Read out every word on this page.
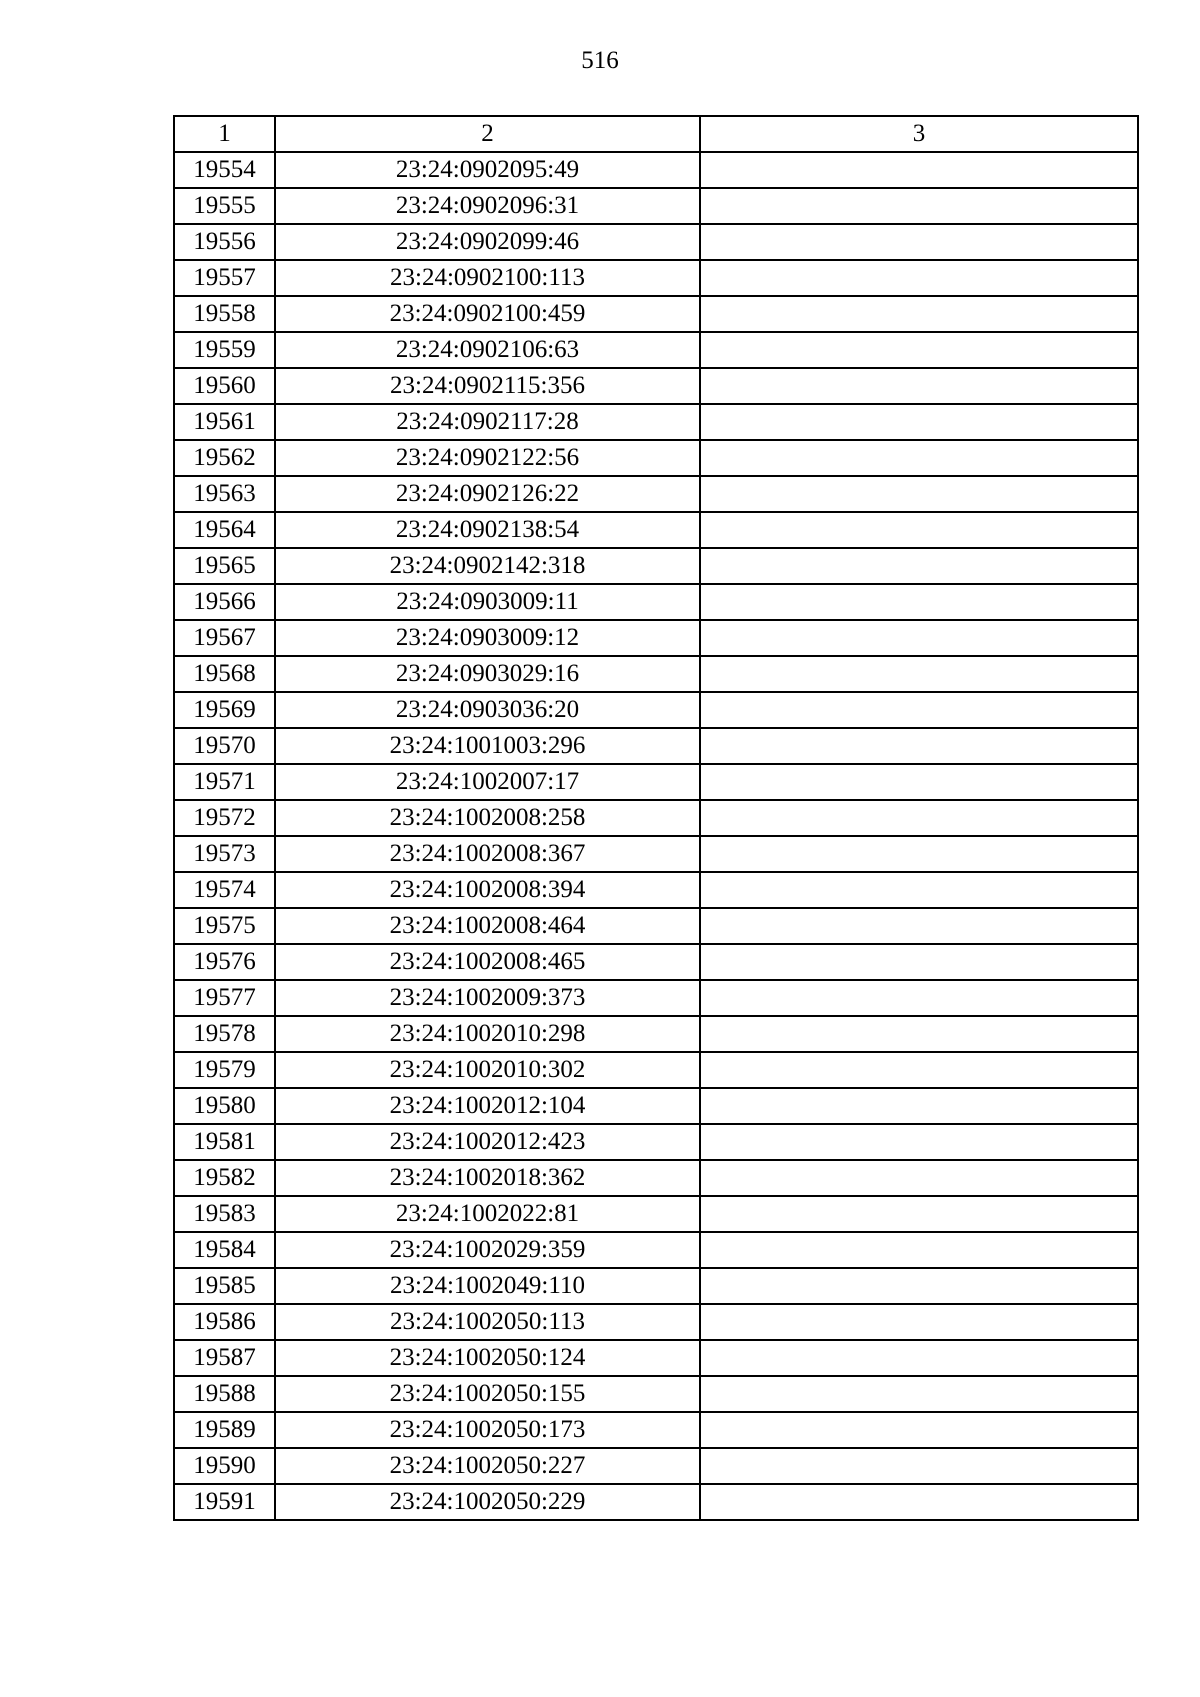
516
1	2	3
19554	23:24:0902095:49	
19555	23:24:0902096:31	
19556	23:24:0902099:46	
19557	23:24:0902100:113	
19558	23:24:0902100:459	
19559	23:24:0902106:63	
19560	23:24:0902115:356	
19561	23:24:0902117:28	
19562	23:24:0902122:56	
19563	23:24:0902126:22	
19564	23:24:0902138:54	
19565	23:24:0902142:318	
19566	23:24:0903009:11	
19567	23:24:0903009:12	
19568	23:24:0903029:16	
19569	23:24:0903036:20	
19570	23:24:1001003:296	
19571	23:24:1002007:17	
19572	23:24:1002008:258	
19573	23:24:1002008:367	
19574	23:24:1002008:394	
19575	23:24:1002008:464	
19576	23:24:1002008:465	
19577	23:24:1002009:373	
19578	23:24:1002010:298	
19579	23:24:1002010:302	
19580	23:24:1002012:104	
19581	23:24:1002012:423	
19582	23:24:1002018:362	
19583	23:24:1002022:81	
19584	23:24:1002029:359	
19585	23:24:1002049:110	
19586	23:24:1002050:113	
19587	23:24:1002050:124	
19588	23:24:1002050:155	
19589	23:24:1002050:173	
19590	23:24:1002050:227	
19591	23:24:1002050:229	
